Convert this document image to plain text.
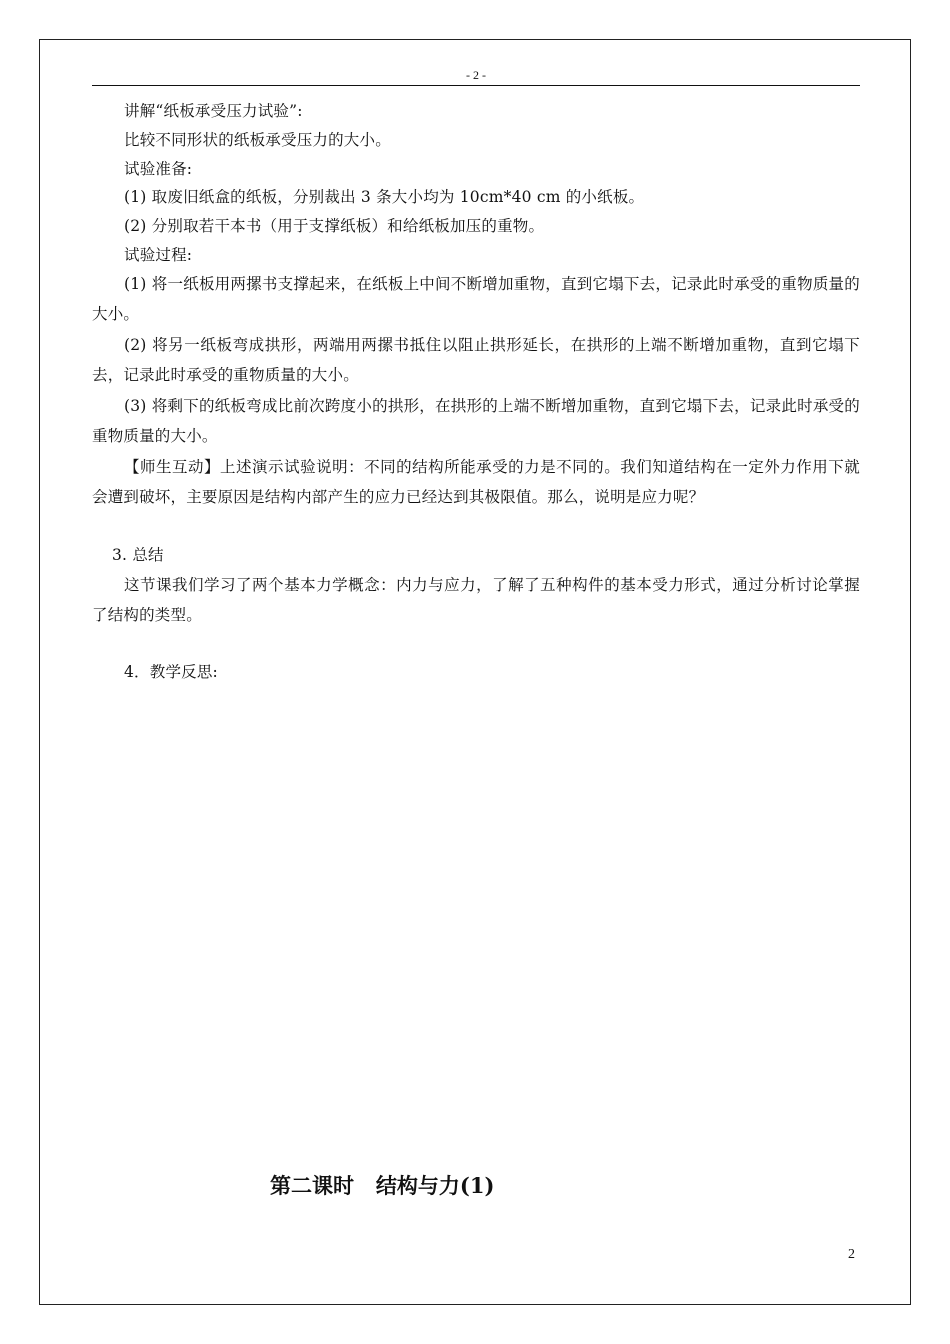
- 2 -
讲解“纸板承受压力试验”:
比较不同形状的纸板承受压力的大小。
试验准备:
(1) 取废旧纸盒的纸板，分别裁出 3 条大小均为 10cm*40 cm 的小纸板。
(2) 分别取若干本书（用于支撑纸板）和给纸板加压的重物。
试验过程:
(1) 将一纸板用两摞书支撑起来，在纸板上中间不断增加重物，直到它塌下去，记录此时承受的重物质量的大小。
(2) 将另一纸板弯成拱形，两端用两摞书抵住以阻止拱形延长，在拱形的上端不断增加重物，直到它塌下去，记录此时承受的重物质量的大小。
(3) 将剩下的纸板弯成比前次跨度小的拱形，在拱形的上端不断增加重物，直到它塌下去，记录此时承受的重物质量的大小。
【师生互动】上述演示试验说明：不同的结构所能承受的力是不同的。我们知道结构在一定外力作用下就会遭到破坏，主要原因是结构内部产生的应力已经达到其极限值。那么，说明是应力呢？
3. 总结
这节课我们学习了两个基本力学概念：内力与应力，了解了五种构件的基本受力形式，通过分析讨论掌握了结构的类型。
4．教学反思:
第二课时   结构与力(1)
2
